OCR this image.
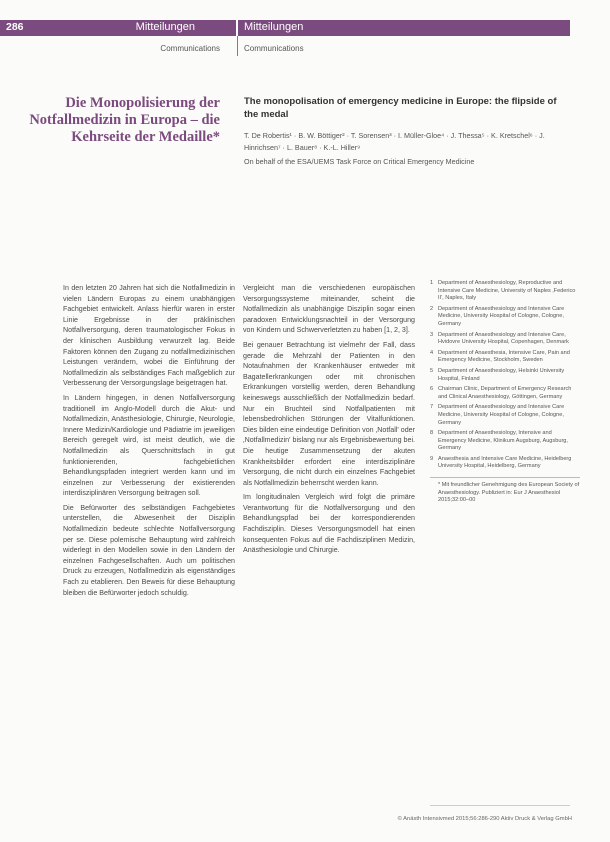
286	Mitteilungen	Mitteilungen
Communications	Communications
Die Monopolisierung der Notfallmedizin in Europa – die Kehrseite der Medaille*
The monopolisation of emergency medicine in Europe: the flipside of the medal
T. De Robertis¹ · B. W. Böttiger² · T. Sorensen³ · I. Müller-Gloe⁴ · J. Thessa⁵ · K. Kretschel⁶ · J. Hinrichsen⁷ · L. Bauer⁸ · K.-L. Hiller⁹
On behalf of the ESA/UEMS Task Force on Critical Emergency Medicine

In den letzten 20 Jahren hat sich die Notfallmedizin in vielen Ländern Europas zu einem unabhängigen Fachgebiet entwickelt. Anlass hierfür waren in erster Linie Ergebnisse in der präklinischen Notfallversorgung, deren traumatologischer Fokus in der klinischen Ausbildung verwurzelt lag. Beide Faktoren können den Zugang zu notfallmedizinischen Leistungen verändern, wobei die Einführung der Notfallmedizin als selbständiges Fach maßgeblich zur Verbesserung der Versorgungslage beigetragen hat.

In Ländern hingegen, in denen Notfallversorgung traditionell im Anglo-Modell durch die Akut- und Notfallmedizin, Anästhesiologie, Chirurgie, Neurologie, Innere Medizin/Kardiologie und Pädiatrie im jeweiligen Bereich geregelt wird, ist meist deutlich, wie die Notfallmedizin als Querschnittsfach in gut funktionierenden, fachgebietlichen Behandlungspfaden integriert werden kann und im einzelnen zur Verbesserung der existierenden interdisziplinären Versorgung beitragen soll.

Die Befürworter des selbständigen Fachgebietes unterstellen, die Abwesenheit der Disziplin Notfallmedizin bedeute schlechte Notfallversorgung per se. Diese polemische Behauptung wird zahlreich widerlegt in den Modellen sowie in den Ländern der einzelnen Fachgesellschaften. Auch um politischen Druck zu erzeugen, Notfallmedizin als eigenständiges Fach zu etablieren. Den Beweis für diese Behauptung bleiben die Befürworter jedoch schuldig.

Vergleicht man die verschiedenen europäischen Versorgungssysteme miteinander, scheint die Notfallmedizin als unabhängige Disziplin sogar einen paradoxen Entwicklungsnachteil in der Versorgung von Kindern und Schwerverletzten zu haben [1, 2, 3].

Bei genauer Betrachtung ist vielmehr der Fall, dass gerade die Mehrzahl der Patienten in den Notaufnahmen der Krankenhäuser entweder mit Bagatellerkrankungen oder mit chronischen Erkrankungen vorstellig werden, deren Behandlung keineswegs ausschließlich der Notfallmedizin bedarf. Nur ein Bruchteil sind Notfallpatienten mit lebensbedrohlichen Störungen der Vitalfunktionen. Dies bilden eine eindeutige Definition von ‚Notfall' oder ‚Notfallmedizin' bislang nur als Ergebnisbewertung bei. Die heutige Zusammensetzung der akuten Krankheitsbilder erfordert eine interdisziplinäre Versorgung, die nicht durch ein einzelnes Fachgebiet als Notfallmedizin beherrscht werden kann.

Im longitudinalen Vergleich wird folgt die primäre Verantwortung für die Notfallversorgung und den Behandlungspfad bei der korrespondierenden Fachdisziplin. Dieses Versorgungsmodell hat einen konsequenten Fokus auf die Fachdisziplinen Medizin, Anästhesiologie und Chirurgie.

1 Department of Anaesthesiology, Reproductive and Intensive Care Medicine, University of Naples ‚Federico II', Naples, Italy
2 Department of Anaesthesiology and Intensive Care Medicine, University Hospital of Cologne, Cologne, Germany
3 Department of Anaesthesiology and Intensive Care, Hvidovre University Hospital, Copenhagen, Denmark
4 Department of Anaesthesia, Intensive Care, Pain and Emergency Medicine, Stockholm, Sweden
5 Department of Anaesthesiology, Helsinki University Hospital, Finland
6 Chairman Clinic, Department of Emergency Research and Clinical Anaesthesiology, Göttingen, Germany
7 Department of Anaesthesiology and Intensive Care Medicine, University Hospital of Cologne, Cologne, Germany
8 Department of Anaesthesiology, Intensive and Emergency Medicine, Klinikum Augsburg, Augsburg, Germany
9 Anaesthesia and Intensive Care Medicine, Heidelberg University Hospital, Heidelberg, Germany
* Mit freundlicher Genehmigung des European Society of Anaesthesiology. Publiziert in: Eur J Anaesthesiol 2015;32:00–00
© Anästh Intensivmed 2015;56:286-290 Aktiv Druck & Verlag GmbH
